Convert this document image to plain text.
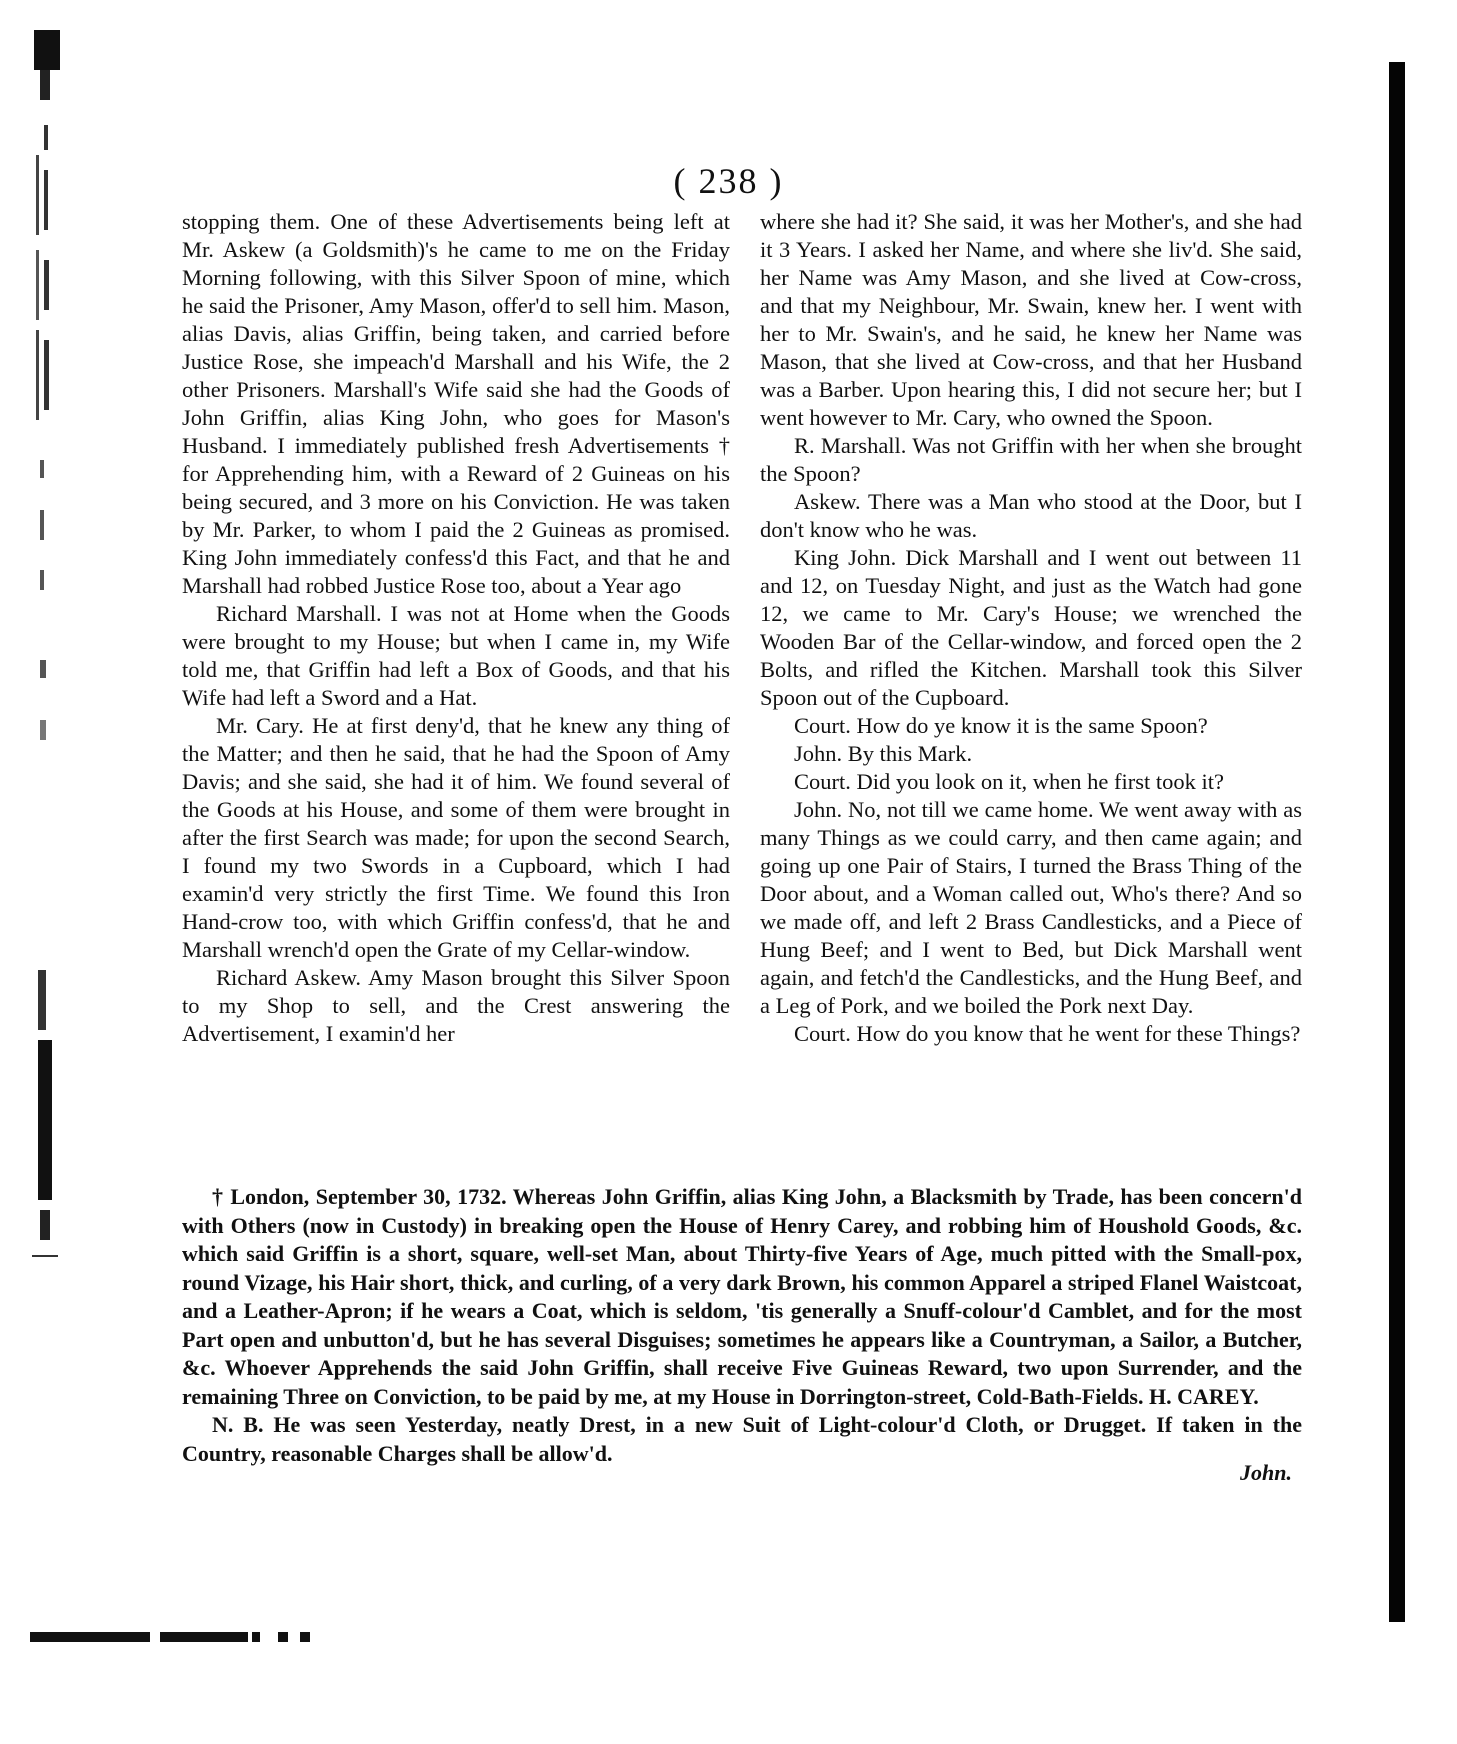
( 238 )

stopping them. One of these Advertisements being left at Mr. Askew (a Goldsmith)'s he came to me on the Friday Morning following, with this Silver Spoon of mine, which he said the Prisoner, Amy Mason, offer'd to sell him. Mason, alias Davis, alias Griffin, being taken, and carried before Justice Rose, she impeach'd Marshall and his Wife, the 2 other Prisoners. Marshall's Wife said she had the Goods of John Griffin, alias King John, who goes for Mason's Husband. I immediately published fresh Advertisements † for Apprehending him, with a Reward of 2 Guineas on his being secured, and 3 more on his Conviction. He was taken by Mr. Parker, to whom I paid the 2 Guineas as promised. King John immediately confess'd this Fact, and that he and Marshall had robbed Justice Rose too, about a Year ago

Richard Marshall. I was not at Home when the Goods were brought to my House; but when I came in, my Wife told me, that Griffin had left a Box of Goods, and that his Wife had left a Sword and a Hat.

Mr. Cary. He at first deny'd, that he knew any thing of the Matter; and then he said, that he had the Spoon of Amy Davis; and she said, she had it of him. We found several of the Goods at his House, and some of them were brought in after the first Search was made; for upon the second Search, I found my two Swords in a Cupboard, which I had examin'd very strictly the first Time. We found this Iron Hand-crow too, with which Griffin confess'd, that he and Marshall wrench'd open the Grate of my Cellar-window.

Richard Askew. Amy Mason brought this Silver Spoon to my Shop to sell, and the Crest answering the Advertisement, I examin'd her

where she had it? She said, it was her Mother's, and she had it 3 Years. I asked her Name, and where she liv'd. She said, her Name was Amy Mason, and she lived at Cow-cross, and that my Neighbour, Mr. Swain, knew her. I went with her to Mr. Swain's, and he said, he knew her Name was Mason, that she lived at Cow-cross, and that her Husband was a Barber. Upon hearing this, I did not secure her; but I went however to Mr. Cary, who owned the Spoon.

R. Marshall. Was not Griffin with her when she brought the Spoon?

Askew. There was a Man who stood at the Door, but I don't know who he was.

King John. Dick Marshall and I went out between 11 and 12, on Tuesday Night, and just as the Watch had gone 12, we came to Mr. Cary's House; we wrenched the Wooden Bar of the Cellar-window, and forced open the 2 Bolts, and rifled the Kitchen. Marshall took this Silver Spoon out of the Cupboard.

Court. How do ye know it is the same Spoon?

John. By this Mark.

Court. Did you look on it, when he first took it?

John. No, not till we came home. We went away with as many Things as we could carry, and then came again; and going up one Pair of Stairs, I turned the Brass Thing of the Door about, and a Woman called out, Who's there? And so we made off, and left 2 Brass Candlesticks, and a Piece of Hung Beef; and I went to Bed, but Dick Marshall went again, and fetch'd the Candlesticks, and the Hung Beef, and a Leg of Pork, and we boiled the Pork next Day.

Court. How do you know that he went for these Things?

† London, September 30, 1732. Whereas John Griffin, alias King John, a Blacksmith by Trade, has been concern'd with Others (now in Custody) in breaking open the House of Henry Carey, and robbing him of Houshold Goods, &c. which said Griffin is a short, square, well-set Man, about Thirty-five Years of Age, much pitted with the Small-pox, round Vizage, his Hair short, thick, and curling, of a very dark Brown, his common Apparel a striped Flanel Waistcoat, and a Leather-Apron; if he wears a Coat, which is seldom, 'tis generally a Snuff-colour'd Camblet, and for the most Part open and unbutton'd, but he has several Disguises; sometimes he appears like a Countryman, a Sailor, a Butcher, &c. Whoever Apprehends the said John Griffin, shall receive Five Guineas Reward, two upon Surrender, and the remaining Three on Conviction, to be paid by me, at my House in Dorrington-street, Cold-Bath-Fields. H. CAREY.

N. B. He was seen Yesterday, neatly Drest, in a new Suit of Light-colour'd Cloth, or Drugget. If taken in the Country, reasonable Charges shall be allow'd.

John.
